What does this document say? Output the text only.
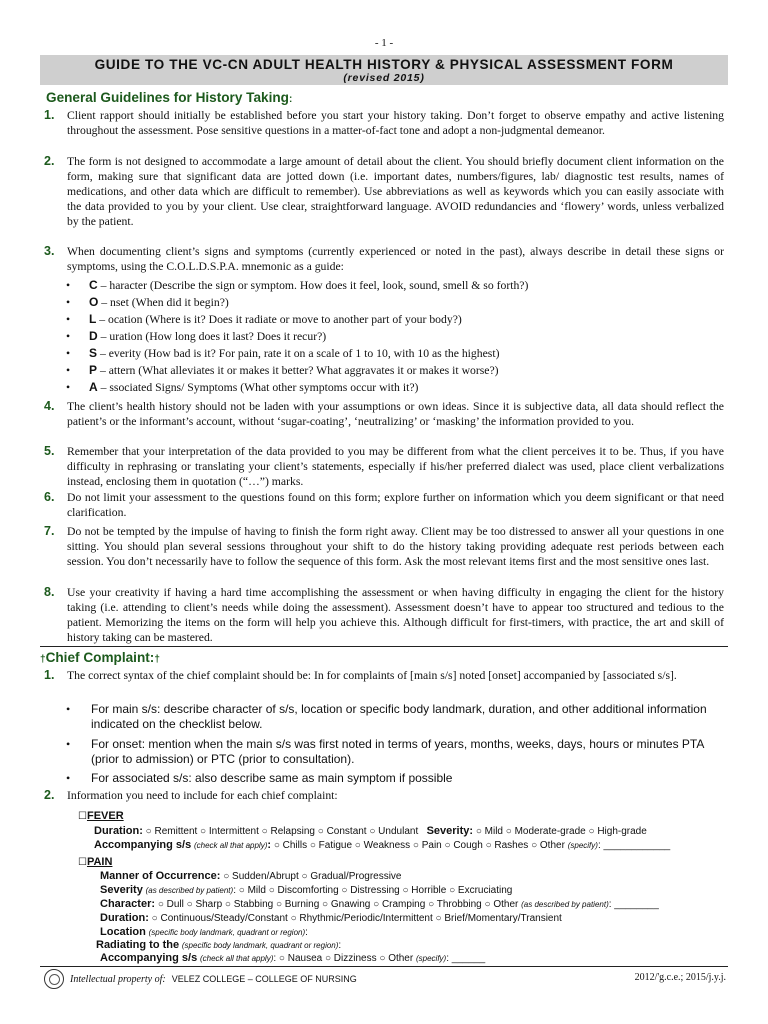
- 1 -
GUIDE TO THE VC-CN ADULT HEALTH HISTORY & PHYSICAL ASSESSMENT FORM
(revised 2015)
General Guidelines for History Taking:
1. Client rapport should initially be established before you start your history taking. Don’t forget to observe empathy and active listening throughout the assessment. Pose sensitive questions in a matter-of-fact tone and adopt a non-judgmental demeanor.
2. The form is not designed to accommodate a large amount of detail about the client. You should briefly document client information on the form, making sure that significant data are jotted down (i.e. important dates, numbers/figures, lab/ diagnostic test results, names of medications, and other data which are difficult to remember). Use abbreviations as well as keywords which you can easily associate with the data provided to you by your client. Use clear, straightforward language. AVOID redundancies and ‘flowery’ words, unless verbalized by the patient.
3. When documenting client’s signs and symptoms (currently experienced or noted in the past), always describe in detail these signs or symptoms, using the C.O.L.D.S.P.A. mnemonic as a guide:
• C – haracter (Describe the sign or symptom. How does it feel, look, sound, smell & so forth?)
• O – nset (When did it begin?)
• L – ocation (Where is it? Does it radiate or move to another part of your body?)
• D – uration (How long does it last? Does it recur?)
• S – everity (How bad is it? For pain, rate it on a scale of 1 to 10, with 10 as the highest)
• P – attern (What alleviates it or makes it better? What aggravates it or makes it worse?)
• A – ssociated Signs/ Symptoms (What other symptoms occur with it?)
4. The client’s health history should not be laden with your assumptions or own ideas. Since it is subjective data, all data should reflect the patient’s or the informant’s account, without ‘sugar-coating’, ‘neutralizing’ or ‘masking’ the information provided to you.
5. Remember that your interpretation of the data provided to you may be different from what the client perceives it to be. Thus, if you have difficulty in rephrasing or translating your client’s statements, especially if his/her preferred dialect was used, place client verbalizations instead, enclosing them in quotation (“…”) marks.
6. Do not limit your assessment to the questions found on this form; explore further on information which you deem significant or that need clarification.
7. Do not be tempted by the impulse of having to finish the form right away. Client may be too distressed to answer all your questions in one sitting. You should plan several sessions throughout your shift to do the history taking providing adequate rest periods between each session. You don’t necessarily have to follow the sequence of this form. Ask the most relevant items first and the most sensitive ones last.
8. Use your creativity if having a hard time accomplishing the assessment or when having difficulty in engaging the client for the history taking (i.e. attending to client’s needs while doing the assessment). Assessment doesn’t have to appear too structured and tedious to the patient. Memorizing the items on the form will help you achieve this. Although difficult for first-timers, with practice, the art and skill of history taking can be mastered.
†Chief Complaint:†
1. The correct syntax of the chief complaint should be: In for complaints of [main s/s] noted [onset] accompanied by [associated s/s].
• For main s/s: describe character of s/s, location or specific body landmark, duration, and other additional information indicated on the checklist below.
• For onset: mention when the main s/s was first noted in terms of years, months, weeks, days, hours or minutes PTA (prior to admission) or PTC (prior to consultation).
• For associated s/s: also describe same as main symptom if possible
2. Information you need to include for each chief complaint:
☐FEVER
Duration: ○ Remittent ○ Intermittent ○ Relapsing ○ Constant ○ Undulant Severity: ○ Mild ○ Moderate-grade ○ High-grade
Accompanying s/s (check all that apply): ○ Chills ○ Fatigue ○ Weakness ○ Pain ○ Cough ○ Rashes ○ Other (specify): ____________
☐PAIN
Manner of Occurrence: ○ Sudden/Abrupt ○ Gradual/Progressive
Severity (as described by patient): ○ Mild ○ Discomforting ○ Distressing ○ Horrible ○ Excruciating
Character: ○ Dull ○ Sharp ○ Stabbing ○ Burning ○ Gnawing ○ Cramping ○ Throbbing ○ Other (as described by patient): ________
Duration: ○ Continuous/Steady/Constant ○ Rhythmic/Periodic/Intermittent ○ Brief/Momentary/Transient
Location (specific body landmark, quadrant or region):
Radiating to the (specific body landmark, quadrant or region):
Accompanying s/s (check all that apply): ○ Nausea ○ Dizziness ○ Other (specify): ______
Intellectual property of: VELEZ COLLEGE – COLLEGE OF NURSING	2012/'g.c.e.; 2015/j.y.j.
